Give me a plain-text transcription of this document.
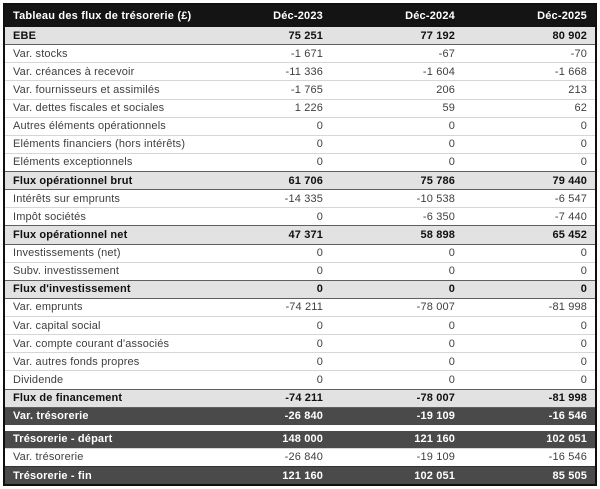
Tableau des flux de trésorerie (£)	Déc-2023	Déc-2024	Déc-2025
EBE	75 251	77 192	80 902
Var. stocks	-1 671	-67	-70
Var. créances à recevoir	-11 336	-1 604	-1 668
Var. fournisseurs et assimilés	-1 765	206	213
Var. dettes fiscales et sociales	1 226	59	62
Autres éléments opérationnels	0	0	0
Eléments financiers (hors intérêts)	0	0	0
Eléments exceptionnels	0	0	0
Flux opérationnel brut	61 706	75 786	79 440
Intérêts sur emprunts	-14 335	-10 538	-6 547
Impôt sociétés	0	-6 350	-7 440
Flux opérationnel net	47 371	58 898	65 452
Investissements (net)	0	0	0
Subv. investissement	0	0	0
Flux d'investissement	0	0	0
Var. emprunts	-74 211	-78 007	-81 998
Var. capital social	0	0	0
Var. compte courant d'associés	0	0	0
Var. autres fonds propres	0	0	0
Dividende	0	0	0
Flux de financement	-74 211	-78 007	-81 998
Var. trésorerie	-26 840	-19 109	-16 546
Trésorerie - départ	148 000	121 160	102 051
Var. trésorerie	-26 840	-19 109	-16 546
Trésorerie - fin	121 160	102 051	85 505
